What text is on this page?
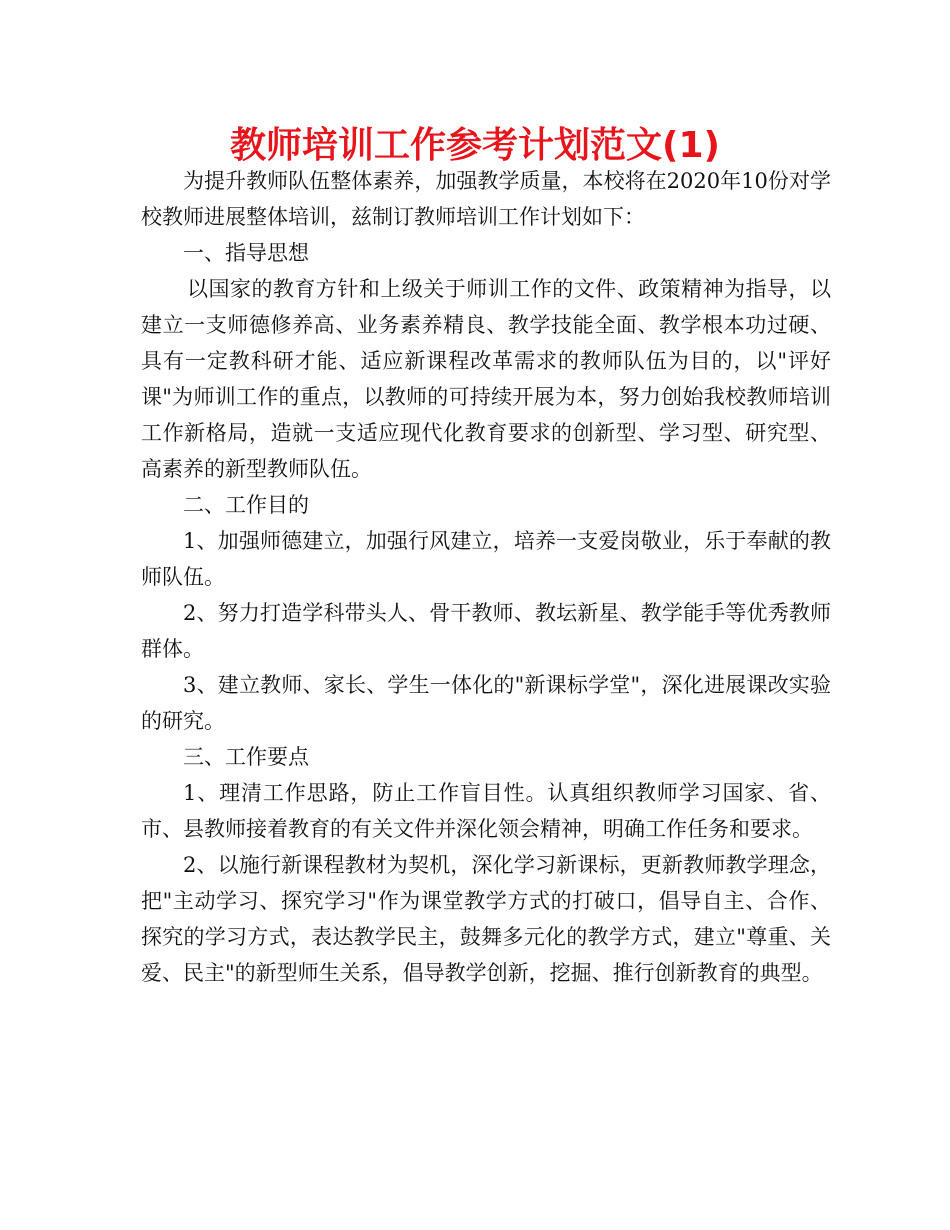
教师培训工作参考计划范文(1)

为提升教师队伍整体素养，加强教学质量，本校将在2020年10份对学校教师进展整体培训，兹制订教师培训工作计划如下：

一、指导思想

以国家的教育方针和上级关于师训工作的文件、政策精神为指导，以建立一支师德修养高、业务素养精良、教学技能全面、教学根本功过硬、具有一定教科研才能、适应新课程改革需求的教师队伍为目的，以"评好课"为师训工作的重点，以教师的可持续开展为本，努力创始我校教师培训工作新格局，造就一支适应现代化教育要求的创新型、学习型、研究型、高素养的新型教师队伍。

二、工作目的

1、加强师德建立，加强行风建立，培养一支爱岗敬业，乐于奉献的教师队伍。

2、努力打造学科带头人、骨干教师、教坛新星、教学能手等优秀教师群体。

3、建立教师、家长、学生一体化的"新课标学堂"，深化进展课改实验的研究。

三、工作要点

1、理清工作思路，防止工作盲目性。认真组织教师学习国家、省、市、县教师接着教育的有关文件并深化领会精神，明确工作任务和要求。

2、以施行新课程教材为契机，深化学习新课标，更新教师教学理念，把"主动学习、探究学习"作为课堂教学方式的打破口，倡导自主、合作、探究的学习方式，表达教学民主，鼓舞多元化的教学方式，建立"尊重、关爱、民主"的新型师生关系，倡导教学创新，挖掘、推行创新教育的典型。
